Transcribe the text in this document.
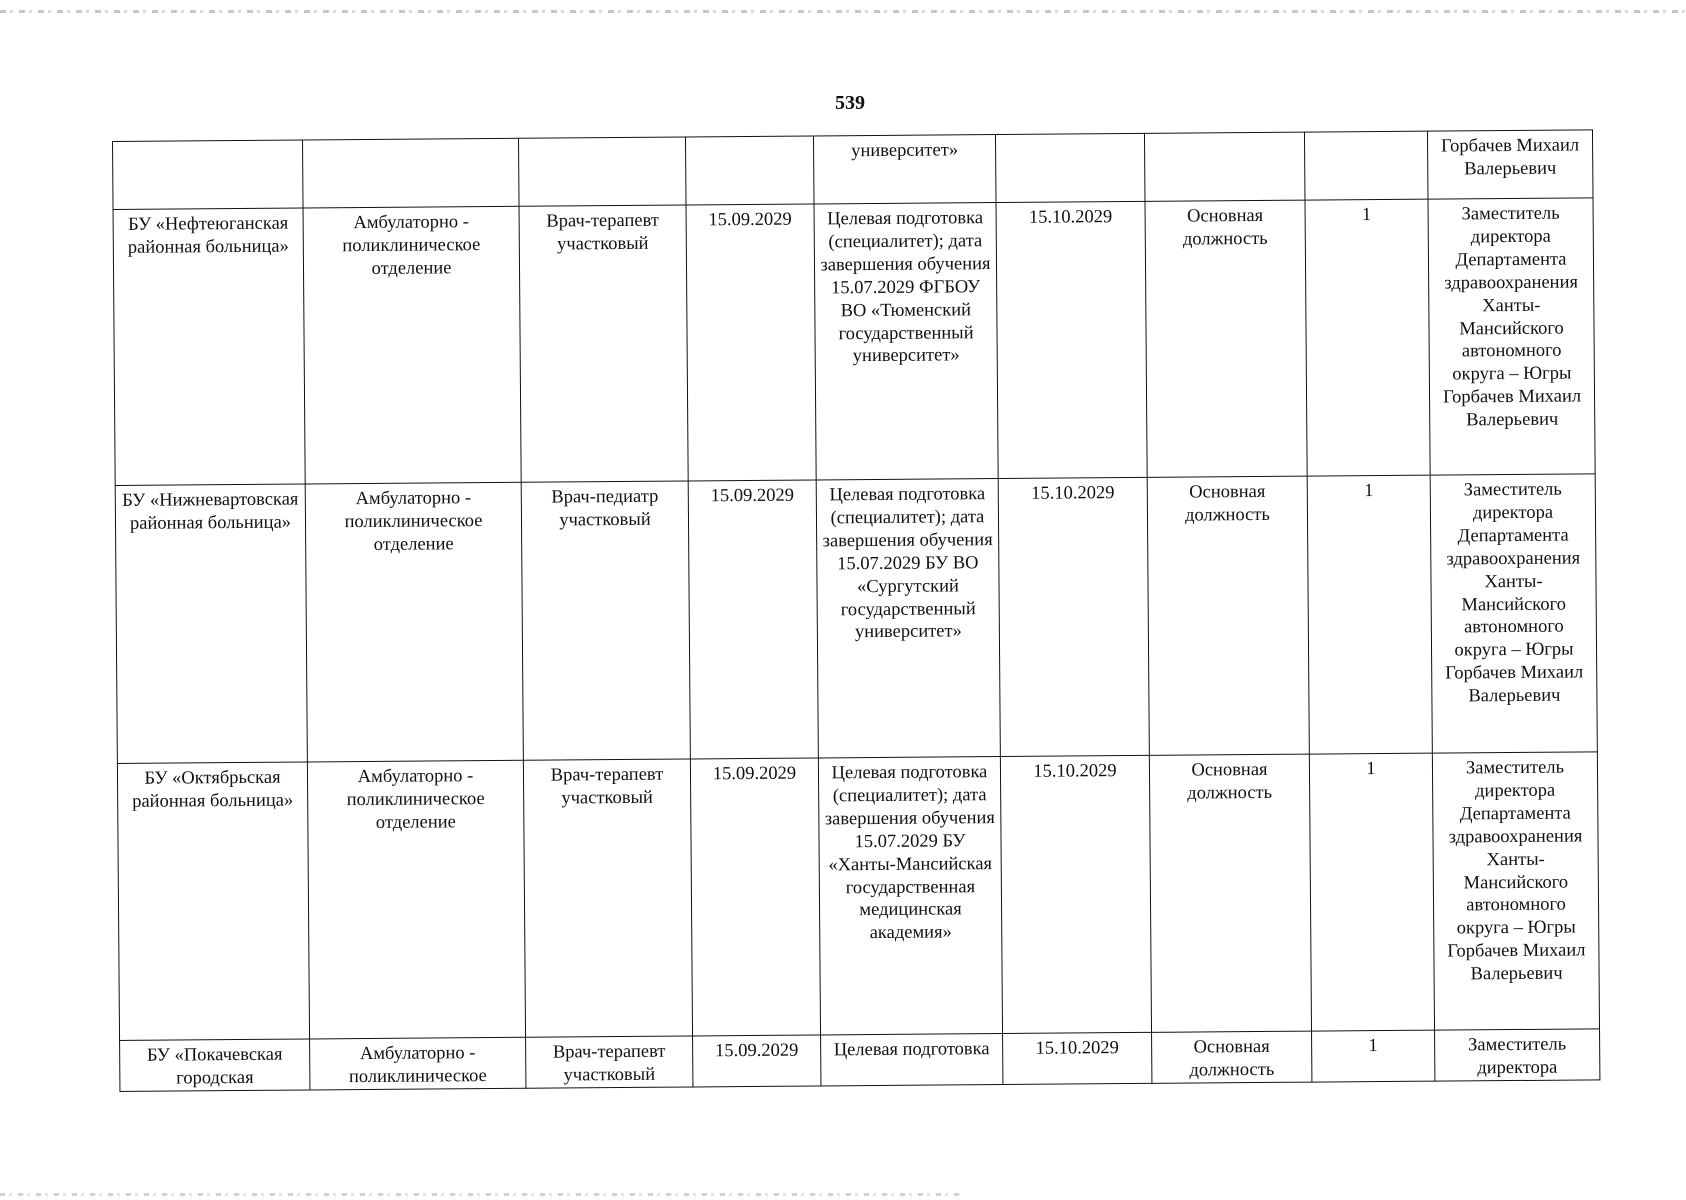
539
				университет»				Горбачев Михаил Валерьевич
БУ «Нефтеюганская районная больница»	Амбулаторно - поликлиническое отделение	Врач-терапевт участковый	15.09.2029	Целевая подготовка (специалитет); дата завершения обучения 15.07.2029 ФГБОУ ВО «Тюменский государственный университет»	15.10.2029	Основная должность	1	Заместитель директора Департамента здравоохранения Ханты-Мансийского автономного округа – Югры Горбачев Михаил Валерьевич
БУ «Нижневартовская районная больница»	Амбулаторно - поликлиническое отделение	Врач-педиатр участковый	15.09.2029	Целевая подготовка (специалитет); дата завершения обучения 15.07.2029 БУ ВО «Сургутский государственный университет»	15.10.2029	Основная должность	1	Заместитель директора Департамента здравоохранения Ханты-Мансийского автономного округа – Югры Горбачев Михаил Валерьевич
БУ «Октябрьская районная больница»	Амбулаторно - поликлиническое отделение	Врач-терапевт участковый	15.09.2029	Целевая подготовка (специалитет); дата завершения обучения 15.07.2029 БУ «Ханты-Мансийская государственная медицинская академия»	15.10.2029	Основная должность	1	Заместитель директора Департамента здравоохранения Ханты-Мансийского автономного округа – Югры Горбачев Михаил Валерьевич

БУ «Покачевская городская	Амбулаторно - поликлиническое	Врач-терапевт участковый	15.09.2029	Целевая подготовка	15.10.2029	Основная должность	1	Заместитель директора
